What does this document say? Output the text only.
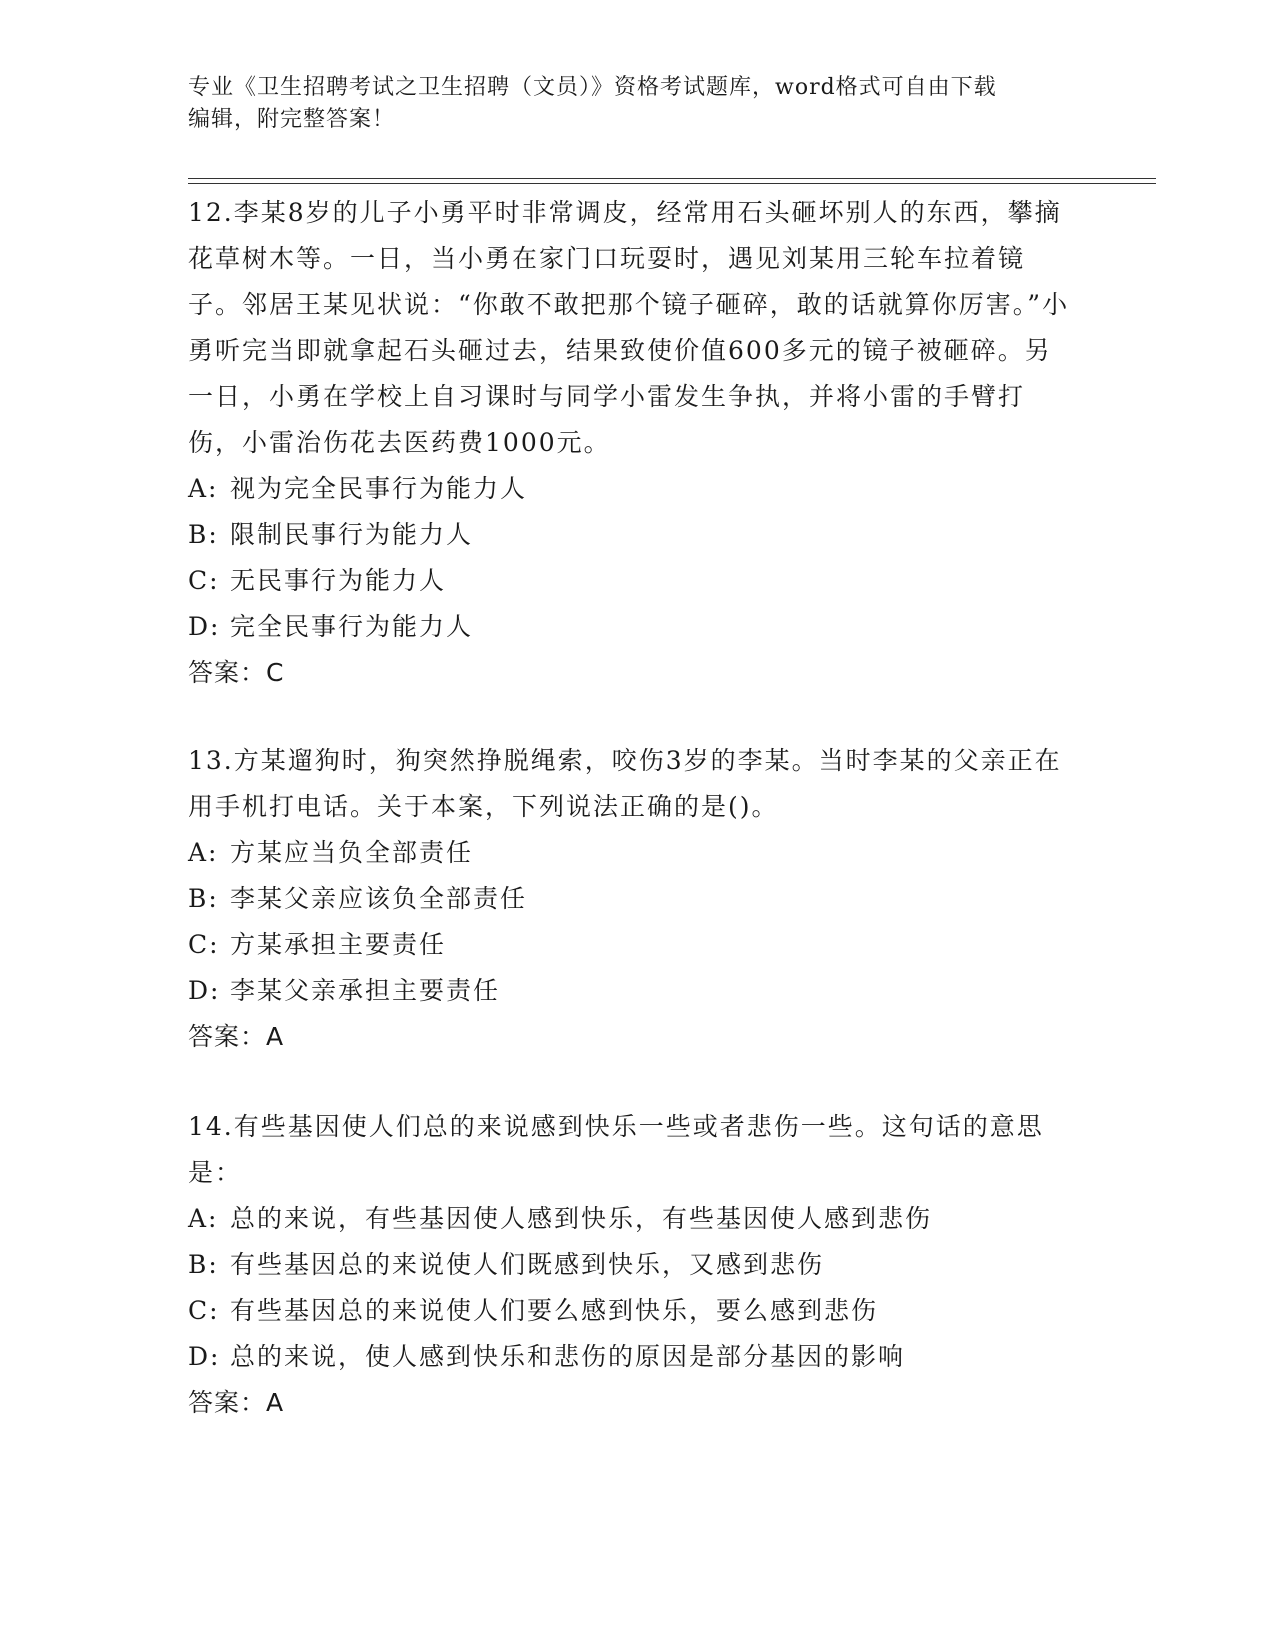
专业《卫生招聘考试之卫生招聘（文员）》资格考试题库，word格式可自由下载
编辑，附完整答案！

12.李某8岁的儿子小勇平时非常调皮，经常用石头砸坏别人的东西，攀摘花草树木等。一日，当小勇在家门口玩耍时，遇见刘某用三轮车拉着镜子。邻居王某见状说：“你敢不敢把那个镜子砸碎，敢的话就算你厉害。”小勇听完当即就拿起石头砸过去，结果致使价值600多元的镜子被砸碎。另一日，小勇在学校上自习课时与同学小雷发生争执，并将小雷的手臂打伤，小雷治伤花去医药费1000元。

A: 视为完全民事行为能力人

B: 限制民事行为能力人

C: 无民事行为能力人

D: 完全民事行为能力人

答案：C

13.方某遛狗时，狗突然挣脱绳索，咬伤3岁的李某。当时李某的父亲正在用手机打电话。关于本案，下列说法正确的是()。

A: 方某应当负全部责任

B: 李某父亲应该负全部责任

C: 方某承担主要责任

D: 李某父亲承担主要责任

答案：A

14.有些基因使人们总的来说感到快乐一些或者悲伤一些。这句话的意思是：

A: 总的来说，有些基因使人感到快乐，有些基因使人感到悲伤

B: 有些基因总的来说使人们既感到快乐，又感到悲伤

C: 有些基因总的来说使人们要么感到快乐，要么感到悲伤

D: 总的来说，使人感到快乐和悲伤的原因是部分基因的影响

答案：A
